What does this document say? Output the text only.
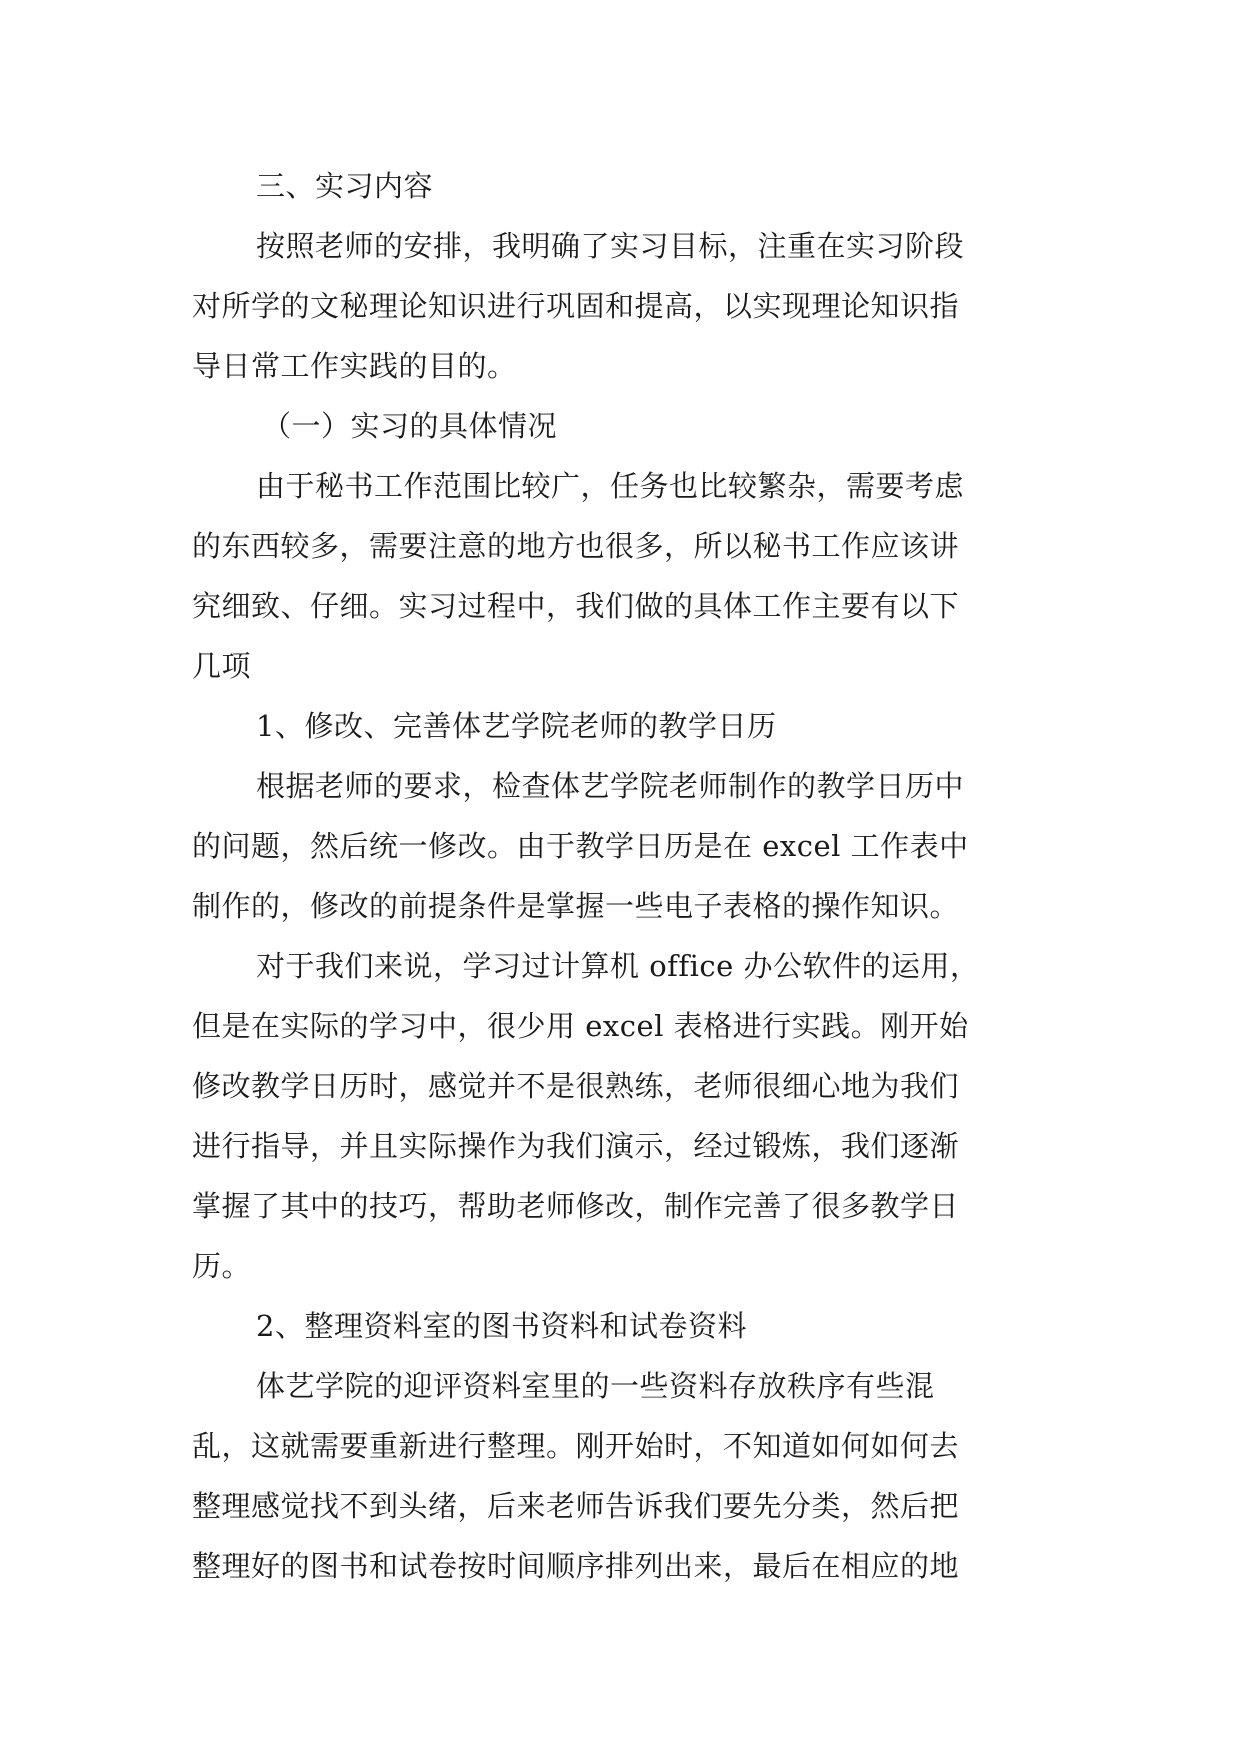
三、实习内容
按照老师的安排，我明确了实习目标，注重在实习阶段
对所学的文秘理论知识进行巩固和提高，以实现理论知识指
导日常工作实践的目的。
（一）实习的具体情况
由于秘书工作范围比较广，任务也比较繁杂，需要考虑
的东西较多，需要注意的地方也很多，所以秘书工作应该讲
究细致、仔细。实习过程中，我们做的具体工作主要有以下
几项
1、修改、完善体艺学院老师的教学日历
根据老师的要求，检查体艺学院老师制作的教学日历中
的问题，然后统一修改。由于教学日历是在 excel 工作表中
制作的，修改的前提条件是掌握一些电子表格的操作知识。
对于我们来说，学习过计算机 office 办公软件的运用，
但是在实际的学习中，很少用 excel 表格进行实践。刚开始
修改教学日历时，感觉并不是很熟练，老师很细心地为我们
进行指导，并且实际操作为我们演示，经过锻炼，我们逐渐
掌握了其中的技巧，帮助老师修改，制作完善了很多教学日
历。
2、整理资料室的图书资料和试卷资料
体艺学院的迎评资料室里的一些资料存放秩序有些混
乱，这就需要重新进行整理。刚开始时，不知道如何如何去
整理感觉找不到头绪，后来老师告诉我们要先分类，然后把
整理好的图书和试卷按时间顺序排列出来，最后在相应的地
